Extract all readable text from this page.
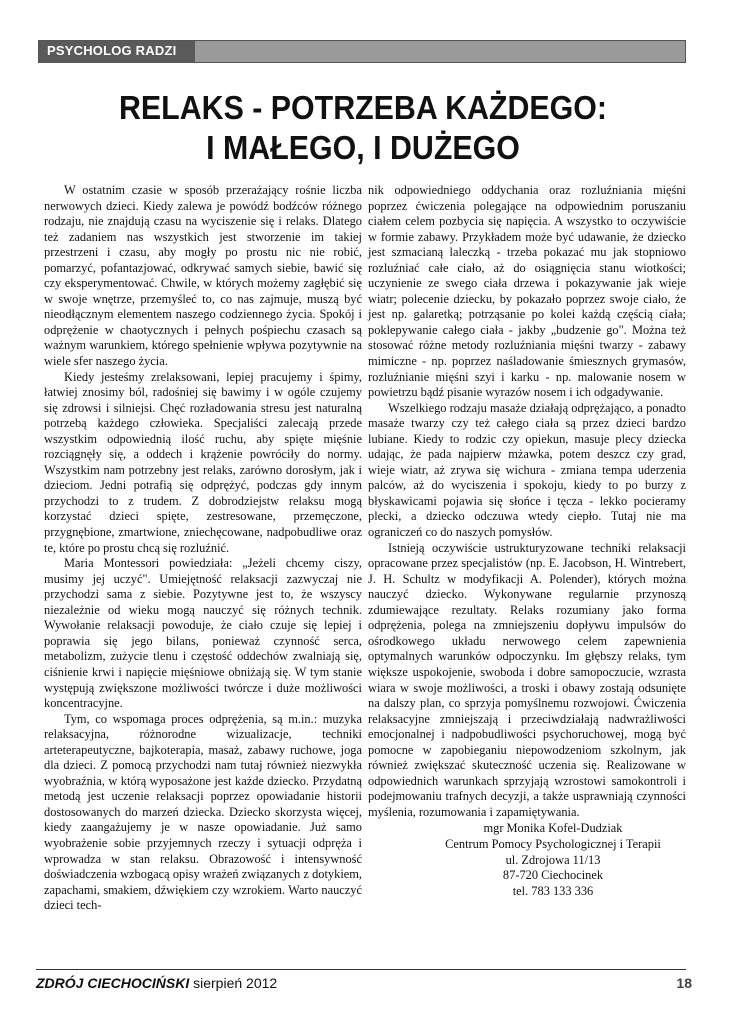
PSYCHOLOG RADZI
RELAKS - POTRZEBA KAŻDEGO:
I MAŁEGO, I DUŻEGO

W ostatnim czasie w sposób przerażający rośnie liczba nerwowych dzieci. Kiedy zalewa je powódź bodźców różnego rodzaju, nie znajdują czasu na wyciszenie się i relaks. Dlatego też zadaniem nas wszystkich jest stworzenie im takiej przestrzeni i czasu, aby mogły po prostu nic nie robić, pomarzyć, pofantazjować, odkrywać samych siebie, bawić się czy eksperymentować. Chwile, w których możemy zagłębić się w swoje wnętrze, przemyśleć to, co nas zajmuje, muszą być nieodłącznym elementem naszego codziennego życia. Spokój i odprężenie w chaotycznych i pełnych pośpiechu czasach są ważnym warunkiem, którego spełnienie wpływa pozytywnie na wiele sfer naszego życia.

Kiedy jesteśmy zrelaksowani, lepiej pracujemy i śpimy, łatwiej znosimy ból, radośniej się bawimy i w ogóle czujemy się zdrowsi i silniejsi. Chęć rozładowania stresu jest naturalną potrzebą każdego człowieka. Specjaliści zalecają przede wszystkim odpowiednią ilość ruchu, aby spięte mięśnie rozciągnęły się, a oddech i krążenie powróciły do normy. Wszystkim nam potrzebny jest relaks, zarówno dorosłym, jak i dzieciom. Jedni potrafią się odprężyć, podczas gdy innym przychodzi to z trudem. Z dobrodziejstw relaksu mogą korzystać dzieci spięte, zestresowane, przemęczone, przygnębione, zmartwione, zniechęcowane, nadpobudliwe oraz te, które po prostu chcą się rozluźnić.

Maria Montessori powiedziała: „Jeżeli chcemy ciszy, musimy jej uczyć". Umiejętność relaksacji zazwyczaj nie przychodzi sama z siebie. Pozytywne jest to, że wszyscy niezależnie od wieku mogą nauczyć się różnych technik. Wywołanie relaksacji powoduje, że ciało czuje się lepiej i poprawia się jego bilans, ponieważ czynność serca, metabolizm, zużycie tlenu i częstość oddechów zwalniają się, ciśnienie krwi i napięcie mięśniowe obniżają się. W tym stanie występują zwiększone możliwości twórcze i duże możliwości koncentracyjne.

Tym, co wspomaga proces odprężenia, są m.in.: muzyka relaksacyjna, różnorodne wizualizacje, techniki arteterapeutyczne, bajkoterapia, masaż, zabawy ruchowe, joga dla dzieci. Z pomocą przychodzi nam tutaj również niezwykła wyobraźnia, w którą wyposażone jest każde dziecko. Przydatną metodą jest uczenie relaksacji poprzez opowiadanie historii dostosowanych do marzeń dziecka. Dziecko skorzysta więcej, kiedy zaangażujemy je w nasze opowiadanie. Już samo wyobrażenie sobie przyjemnych rzeczy i sytuacji odpręża i wprowadza w stan relaksu. Obrazowość i intensywność doświadczenia wzbogacą opisy wrażeń związanych z dotykiem, zapachami, smakiem, dźwiękiem czy wzrokiem. Warto nauczyć dzieci tech-

nik odpowiedniego oddychania oraz rozluźniania mięśni poprzez ćwiczenia polegające na odpowiednim poruszaniu ciałem celem pozbycia się napięcia. A wszystko to oczywiście w formie zabawy. Przykładem może być udawanie, że dziecko jest szmacianą laleczką - trzeba pokazać mu jak stopniowo rozluźniać całe ciało, aż do osiągnięcia stanu wiotkości; uczynienie ze swego ciała drzewa i pokazywanie jak wieje wiatr; polecenie dziecku, by pokazało poprzez swoje ciało, że jest np. galaretką; potrząsanie po kolei każdą częścią ciała; poklepywanie całego ciała - jakby „budzenie go". Można też stosować różne metody rozluźniania mięśni twarzy - zabawy mimiczne - np. poprzez naśladowanie śmiesznych grymasów, rozluźnianie mięśni szyi i karku - np. malowanie nosem w powietrzu bądź pisanie wyrazów nosem i ich odgadywanie.

Wszelkiego rodzaju masaże działają odprężająco, a ponadto masaże twarzy czy też całego ciała są przez dzieci bardzo lubiane. Kiedy to rodzic czy opiekun, masuje plecy dziecka udając, że pada najpierw mżawka, potem deszcz czy grad, wieje wiatr, aż zrywa się wichura - zmiana tempa uderzenia palców, aż do wyciszenia i spokoju, kiedy to po burzy z błyskawicami pojawia się słońce i tęcza - lekko pocieramy plecki, a dziecko odczuwa wtedy ciepło. Tutaj nie ma ograniczeń co do naszych pomysłów.

Istnieją oczywiście ustrukturyzowane techniki relaksacji opracowane przez specjalistów (np. E. Jacobson, H. Wintrebert, J. H. Schultz w modyfikacji A. Polender), których można nauczyć dziecko. Wykonywane regularnie przynoszą zdumiewające rezultaty. Relaks rozumiany jako forma odprężenia, polega na zmniejszeniu dopływu impulsów do ośrodkowego układu nerwowego celem zapewnienia optymalnych warunków odpoczynku. Im głębszy relaks, tym większe uspokojenie, swoboda i dobre samopoczucie, wzrasta wiara w swoje możliwości, a troski i obawy zostają odsunięte na dalszy plan, co sprzyja pomyślnemu rozwojowi. Ćwiczenia relaksacyjne zmniejszają i przeciwdziałają nadwrażliwości emocjonalnej i nadpobudliwości psychoruchowej, mogą być pomocne w zapobieganiu niepowodzeniom szkolnym, jak również zwiększać skuteczność uczenia się. Realizowane w odpowiednich warunkach sprzyjają wzrostowi samokontroli i podejmowaniu trafnych decyzji, a także usprawniają czynności myślenia, rozumowania i zapamiętywania.

mgr Monika Kofel-Dudziak
Centrum Pomocy Psychologicznej i Terapii
ul. Zdrojowa 11/13
87-720 Ciechocinek
tel. 783 133 336
ZDRÓJ CIECHOCIŃSKI sierpień 2012	18
